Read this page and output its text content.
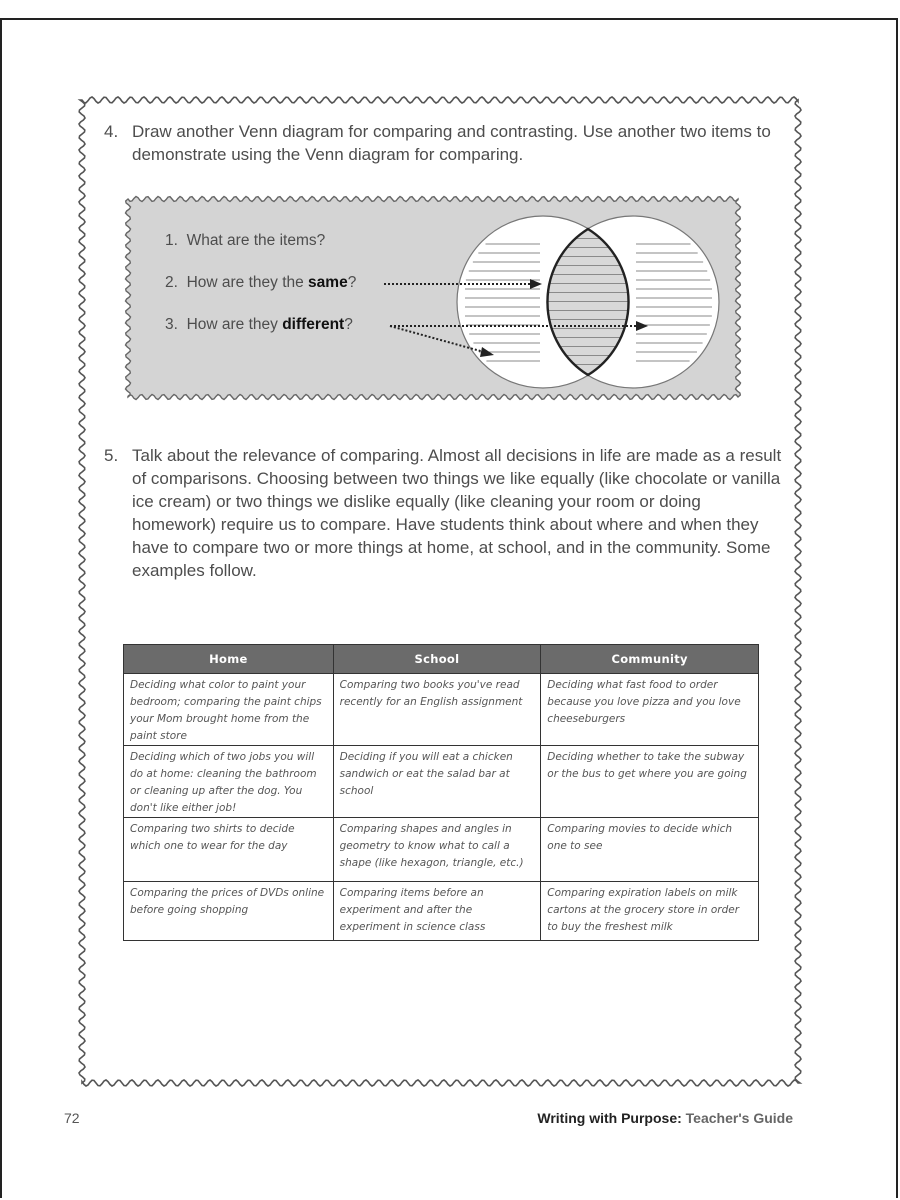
4. Draw another Venn diagram for comparing and contrasting. Use another two items to demonstrate using the Venn diagram for comparing.
1. What are the items?
2. How are they the same?
3. How are they different?
5. Talk about the relevance of comparing. Almost all decisions in life are made as a result of comparisons. Choosing between two things we like equally (like chocolate or vanilla ice cream) or two things we dislike equally (like cleaning your room or doing homework) require us to compare. Have students think about where and when they have to compare two or more things at home, at school, and in the community. Some examples follow.
Home	School	Community
Deciding what color to paint your bedroom; comparing the paint chips your Mom brought home from the paint store	Comparing two books you've read recently for an English assignment	Deciding what fast food to order because you love pizza and you love cheeseburgers
Deciding which of two jobs you will do at home: cleaning the bathroom or cleaning up after the dog. You don't like either job!	Deciding if you will eat a chicken sandwich or eat the salad bar at school	Deciding whether to take the subway or the bus to get where you are going
Comparing two shirts to decide which one to wear for the day	Comparing shapes and angles in geometry to know what to call a shape (like hexagon, triangle, etc.)	Comparing movies to decide which one to see
Comparing the prices of DVDs online before going shopping	Comparing items before an experiment and after the experiment in science class	Comparing expiration labels on milk cartons at the grocery store in order to buy the freshest milk
72	Writing with Purpose: Teacher's Guide
